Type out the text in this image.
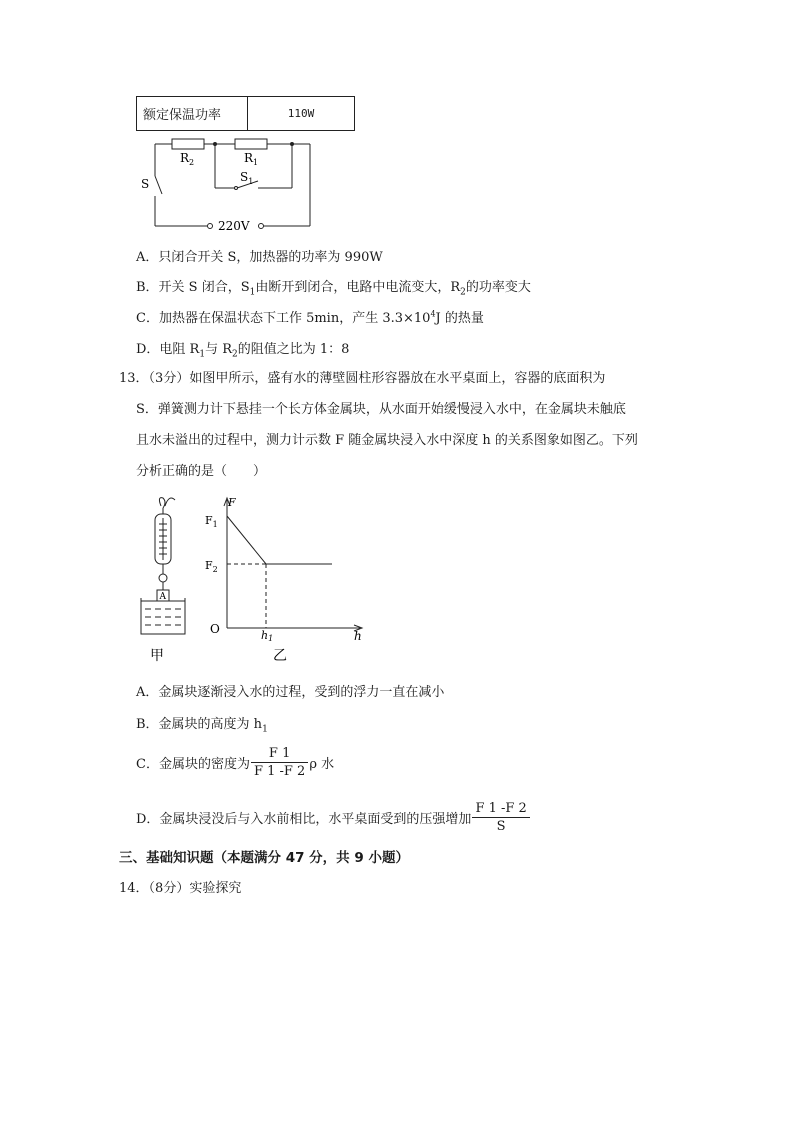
额定保温功率	110W
$R_2$	$R_1$
S	$S_1$
220V
A．只闭合开关 S，加热器的功率为 990W
B．开关 S 闭合，$S_1$由断开到闭合，电路中电流变大，$R_2$的功率变大
C．加热器在保温状态下工作 5min，产生 $3.3\times 10^4J$ 的热量
D．电阻 $R_1$与 $R_2$的阻值之比为 1：8
13．（3分）如图甲所示，盛有水的薄壁圆柱形容器放在水平桌面上，容器的底面积为
S．弹簧测力计下悬挂一个长方体金属块，从水面开始缓慢浸入水中，在金属块未触底
且水未溢出的过程中，测力计示数 F 随金属块浸入水中深度 h 的关系图象如图乙。下列
分析正确的是（　　）
A
甲
F
h
O
$F_1$
$F_2$
h1
乙
A．金属块逐渐浸入水的过程，受到的浮力一直在减小
B．金属块的高度为 $h_1$
C．金属块的密度为 $\frac{F 1}{F 1 -F 2}$ ρ 水
D．金属块浸没后与入水前相比，水平桌面受到的压强增加 $\frac{F 1 -F 2}{S}$
三、基础知识题（本题满分 47 分，共 9 小题）
14．（8分）实验探究
